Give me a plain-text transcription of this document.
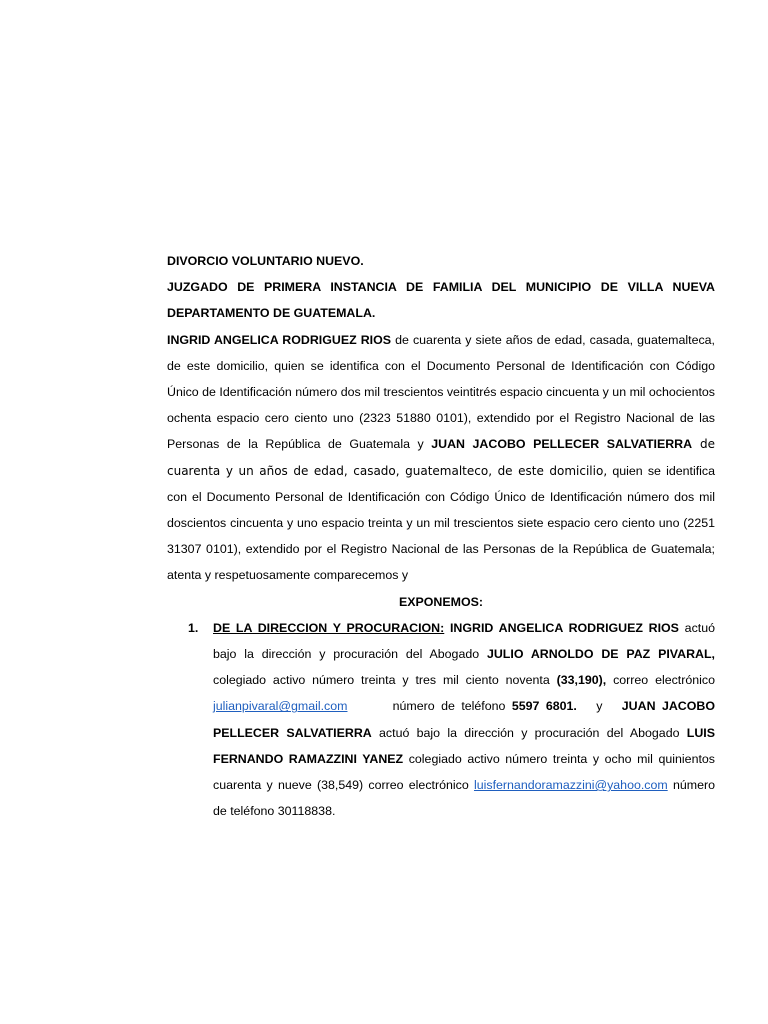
DIVORCIO VOLUNTARIO NUEVO.

JUZGADO DE PRIMERA INSTANCIA DE FAMILIA DEL MUNICIPIO DE VILLA NUEVA DEPARTAMENTO DE GUATEMALA.

INGRID ANGELICA RODRIGUEZ RIOS de cuarenta y siete años de edad, casada, guatemalteca, de este domicilio, quien se identifica con el Documento Personal de Identificación con Código Único de Identificación número dos mil trescientos veintitrés espacio cincuenta y un mil ochocientos ochenta espacio cero ciento uno (2323 51880 0101), extendido por el Registro Nacional de las Personas de la República de Guatemala y JUAN JACOBO PELLECER SALVATIERRA de cuarenta y un años de edad, casado, guatemalteco, de este domicilio, quien se identifica con el Documento Personal de Identificación con Código Único de Identificación número dos mil doscientos cincuenta y uno espacio treinta y un mil trescientos siete espacio cero ciento uno (2251 31307 0101), extendido por el Registro Nacional de las Personas de la República de Guatemala; atenta y respetuosamente comparecemos y

EXPONEMOS:

1. DE LA DIRECCION Y PROCURACION: INGRID ANGELICA RODRIGUEZ RIOS actuó bajo la dirección y procuración del Abogado JULIO ARNOLDO DE PAZ PIVARAL, colegiado activo número treinta y tres mil ciento noventa (33,190), correo electrónico julianpivaral@gmail.com       número de teléfono 5597 6801.   y   JUAN JACOBO PELLECER SALVATIERRA actuó bajo la dirección y procuración del Abogado LUIS FERNANDO RAMAZZINI YANEZ colegiado activo número treinta y ocho mil quinientos cuarenta y nueve (38,549) correo electrónico luisfernandoramazzini@yahoo.com número de teléfono 30118838.
